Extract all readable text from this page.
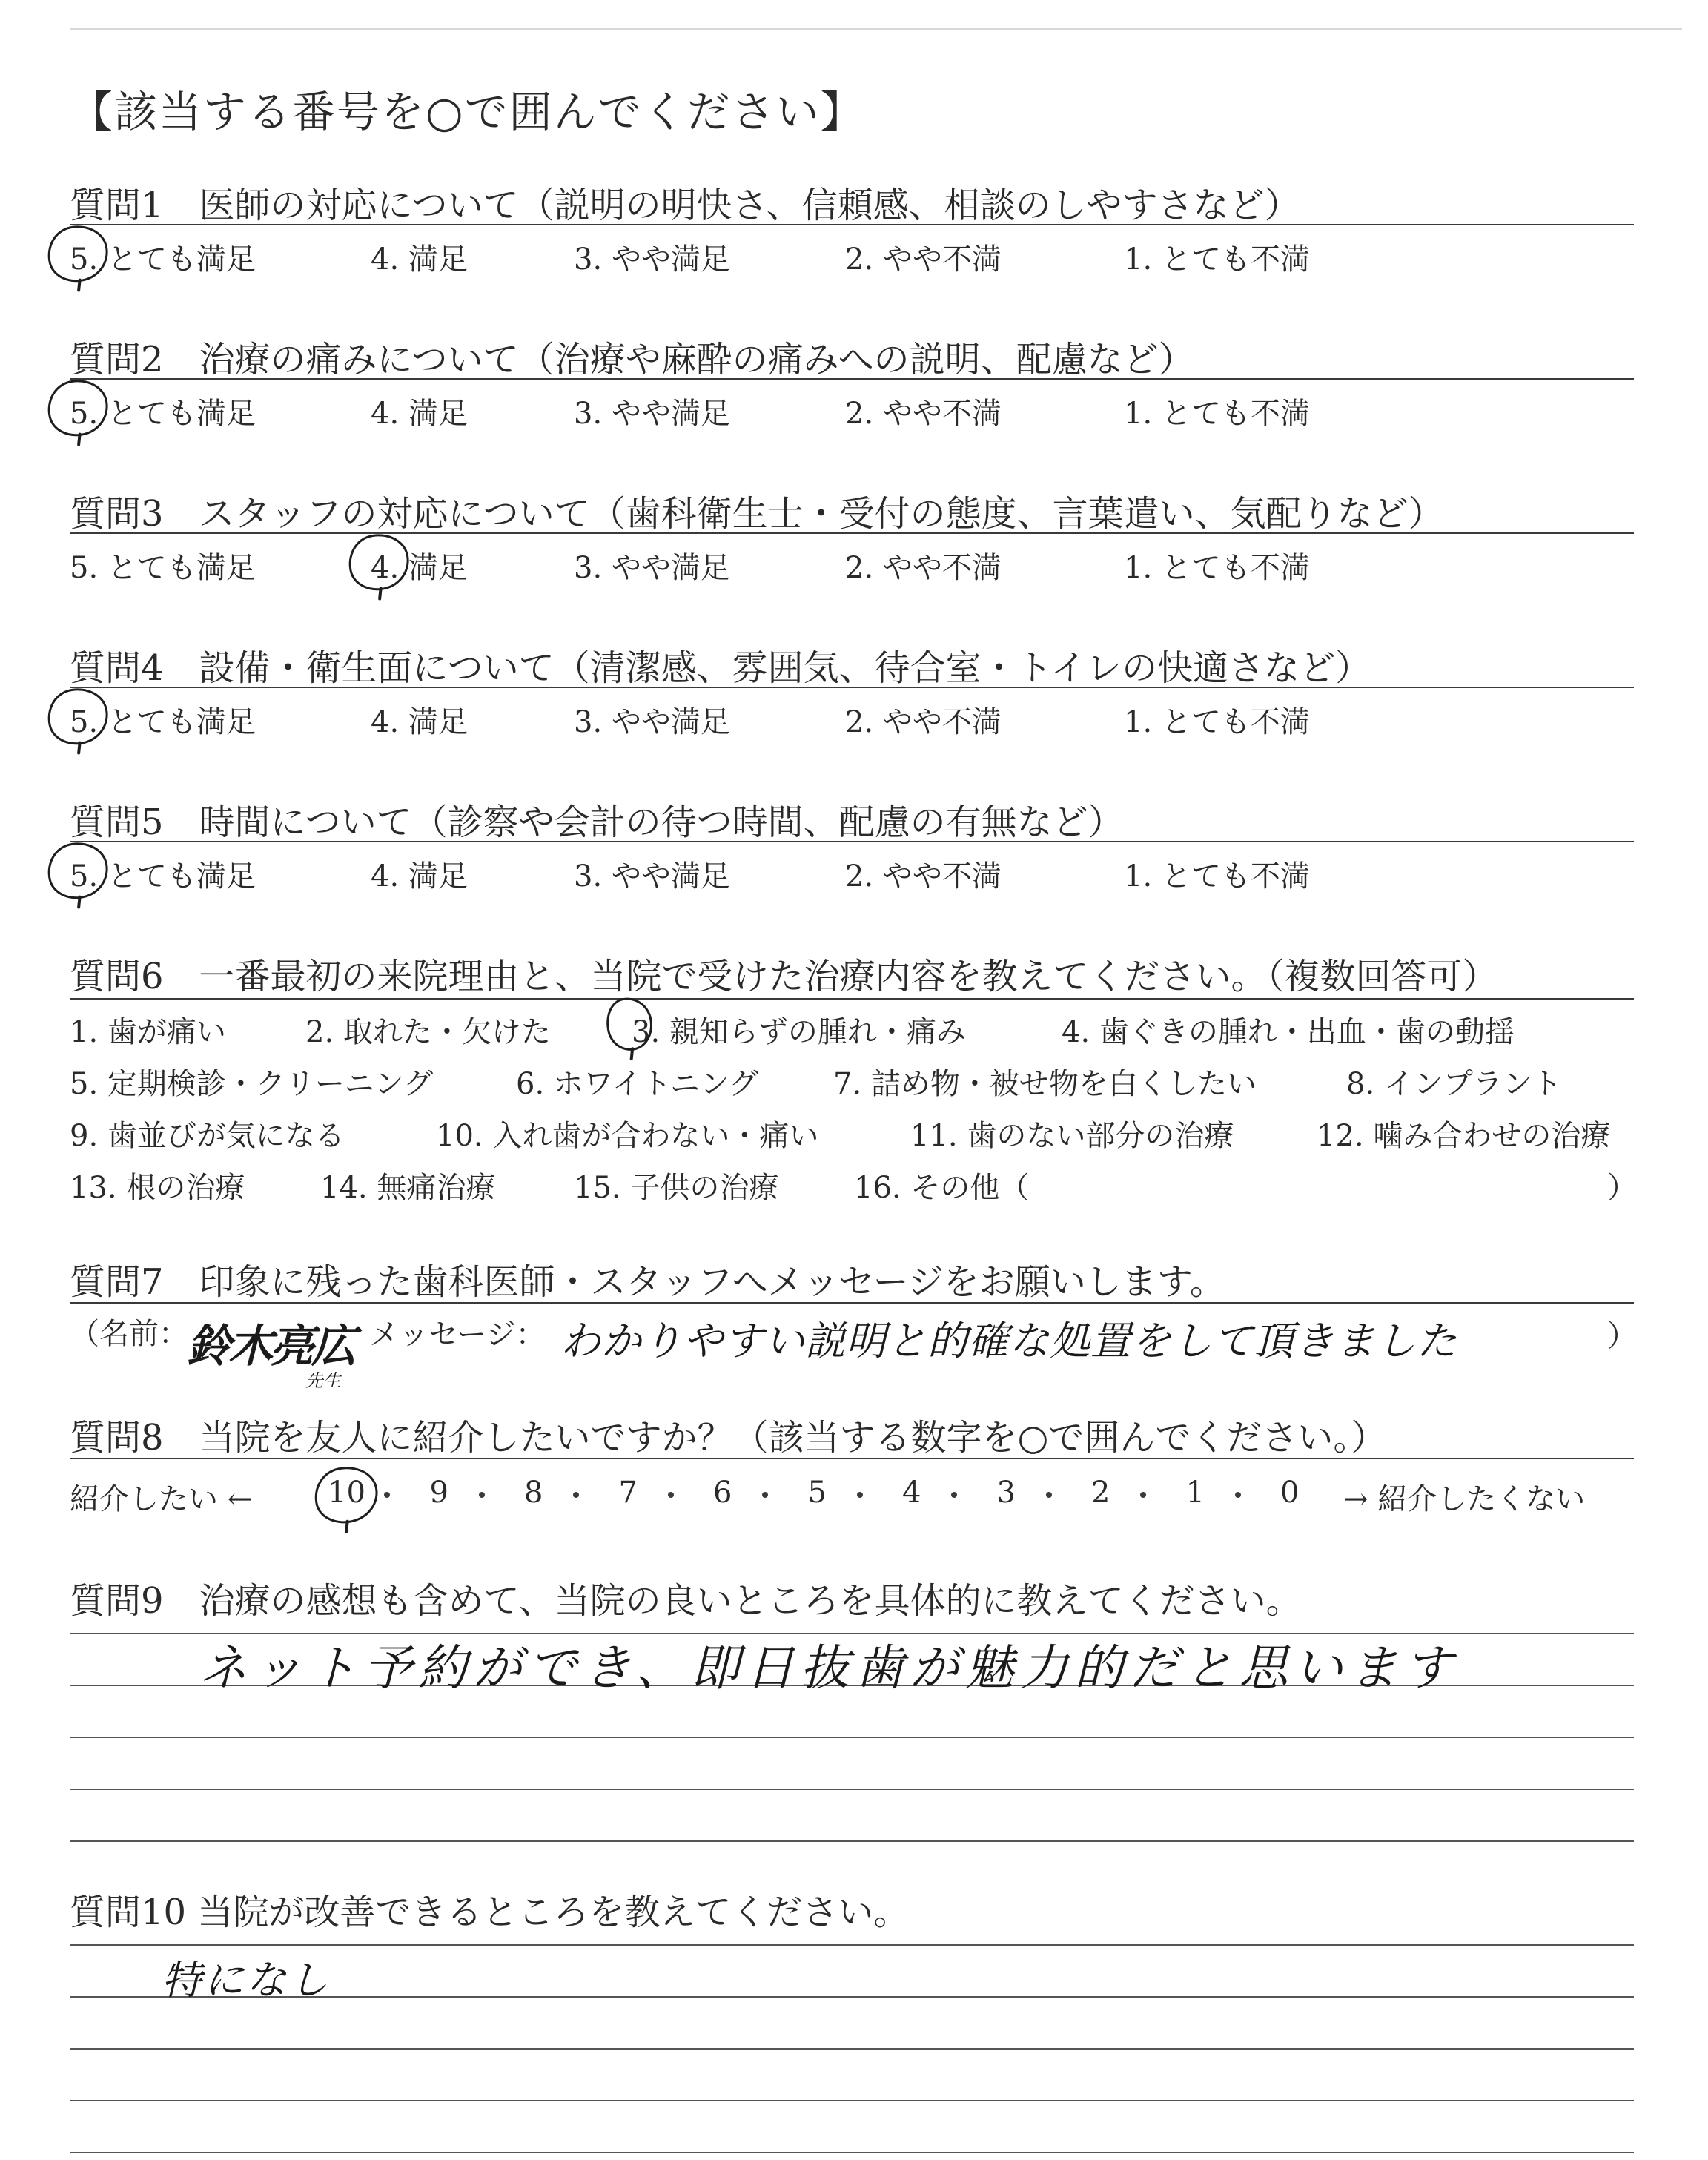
【該当する番号を○で囲んでください】
質問1　医師の対応について（説明の明快さ、信頼感、相談のしやすさなど）
5. とても満足	4. 満足	3. やや満足	2. やや不満	1. とても不満
質問2　治療の痛みについて（治療や麻酔の痛みへの説明、配慮など）
5. とても満足	4. 満足	3. やや満足	2. やや不満	1. とても不満
質問3　スタッフの対応について（歯科衛生士・受付の態度、言葉遣い、気配りなど）
5. とても満足	4. 満足	3. やや満足	2. やや不満	1. とても不満
質問4　設備・衛生面について（清潔感、雰囲気、待合室・トイレの快適さなど）
5. とても満足	4. 満足	3. やや満足	2. やや不満	1. とても不満
質問5　時間について（診察や会計の待つ時間、配慮の有無など）
5. とても満足	4. 満足	3. やや満足	2. やや不満	1. とても不満
質問6　一番最初の来院理由と、当院で受けた治療内容を教えてください。（複数回答可）
1. 歯が痛い	2. 取れた・欠けた	3. 親知らずの腫れ・痛み	4. 歯ぐきの腫れ・出血・歯の動揺
5. 定期検診・クリーニング	6. ホワイトニング	7. 詰め物・被せ物を白くしたい	8. インプラント
9. 歯並びが気になる	10. 入れ歯が合わない・痛い	11. 歯のない部分の治療	12. 噛み合わせの治療
13. 根の治療	14. 無痛治療	15. 子供の治療	16. その他（	）
質問7　印象に残った歯科医師・スタッフへメッセージをお願いします。
（名前：
鈴木亮広
先生
メッセージ： わかりやすい説明と的確な処置をして頂きました	）
質問8　当院を友人に紹介したいですか？（該当する数字を○で囲んでください。）
紹介したい ←	10 9	8	7	6	5	4	3	2	1	0 → 紹介したくない
質問9　治療の感想も含めて、当院の良いところを具体的に教えてください。
ネット予約ができ、即日抜歯が魅力的だと思います
質問10 当院が改善できるところを教えてください。
特になし
